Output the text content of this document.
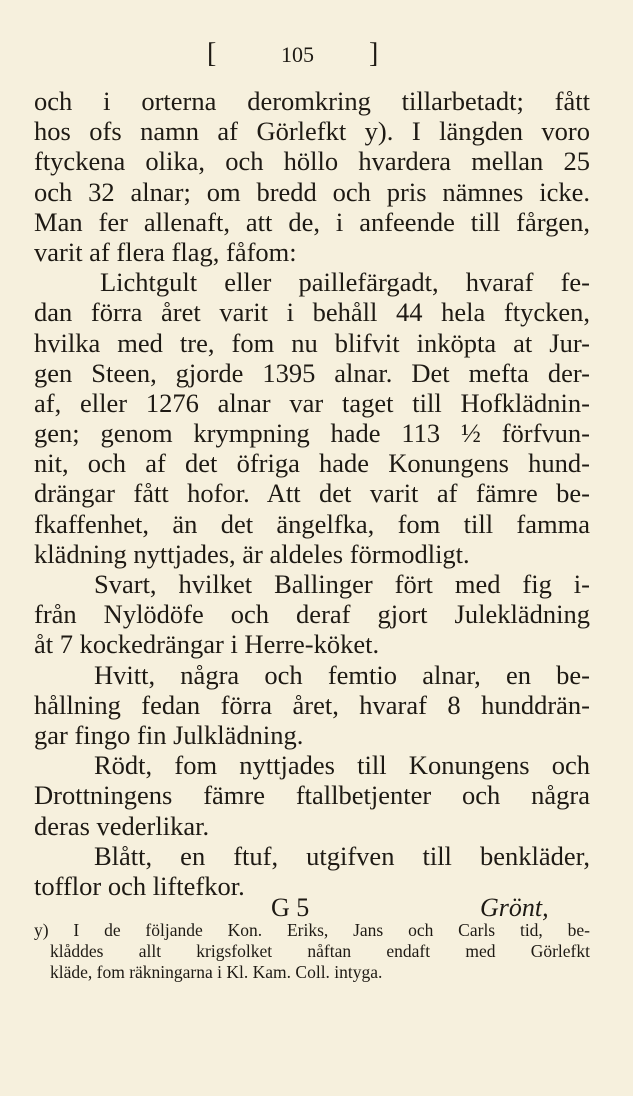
[	105 ]
och i orterna deromkring tillarbetadt; fått
hos ofs namn af Görlefkt y). I längden voro
ftyckena olika, och höllo hvardera mellan 25
och 32 alnar; om bredd och pris nämnes icke.
Man fer allenaft, att de, i anfeende till fårgen,
varit af flera flag, fåfom:
Lichtgult eller paillefärgadt, hvaraf fe-
dan förra året varit i behåll 44 hela ftycken,
hvilka med tre, fom nu blifvit inköpta at Jur-
gen Steen, gjorde 1395 alnar. Det mefta der-
af, eller 1276 alnar var taget till Hofklädnin-
gen; genom krympning hade 113 ½ förfvun-
nit, och af det öfriga hade Konungens hund-
drängar fått hofor. Att det varit af fämre be-
fkaffenhet, än det ängelfka, fom till famma
klädning nyttjades, är aldeles förmodligt.
Svart, hvilket Ballinger fört med fig i-
från Nylödöfe och deraf gjort Juleklädning
åt 7 kockedrängar i Herre-köket.
Hvitt, några och femtio alnar, en be-
hållning fedan förra året, hvaraf 8 hunddrän-
gar fingo fin Julklädning.
Rödt, fom nyttjades till Konungens och
Drottningens fämre ftallbetjenter och några
deras vederlikar.
Blått, en ftuf, utgifven till benkläder,
tofflor och liftefkor.
G 5	Grönt,
y) I de följande Kon. Eriks, Jans och Carls tid, be-
klåddes allt krigsfolket nåftan endaft med Görlefkt
kläde, fom räkningarna i Kl. Kam. Coll. intyga.
